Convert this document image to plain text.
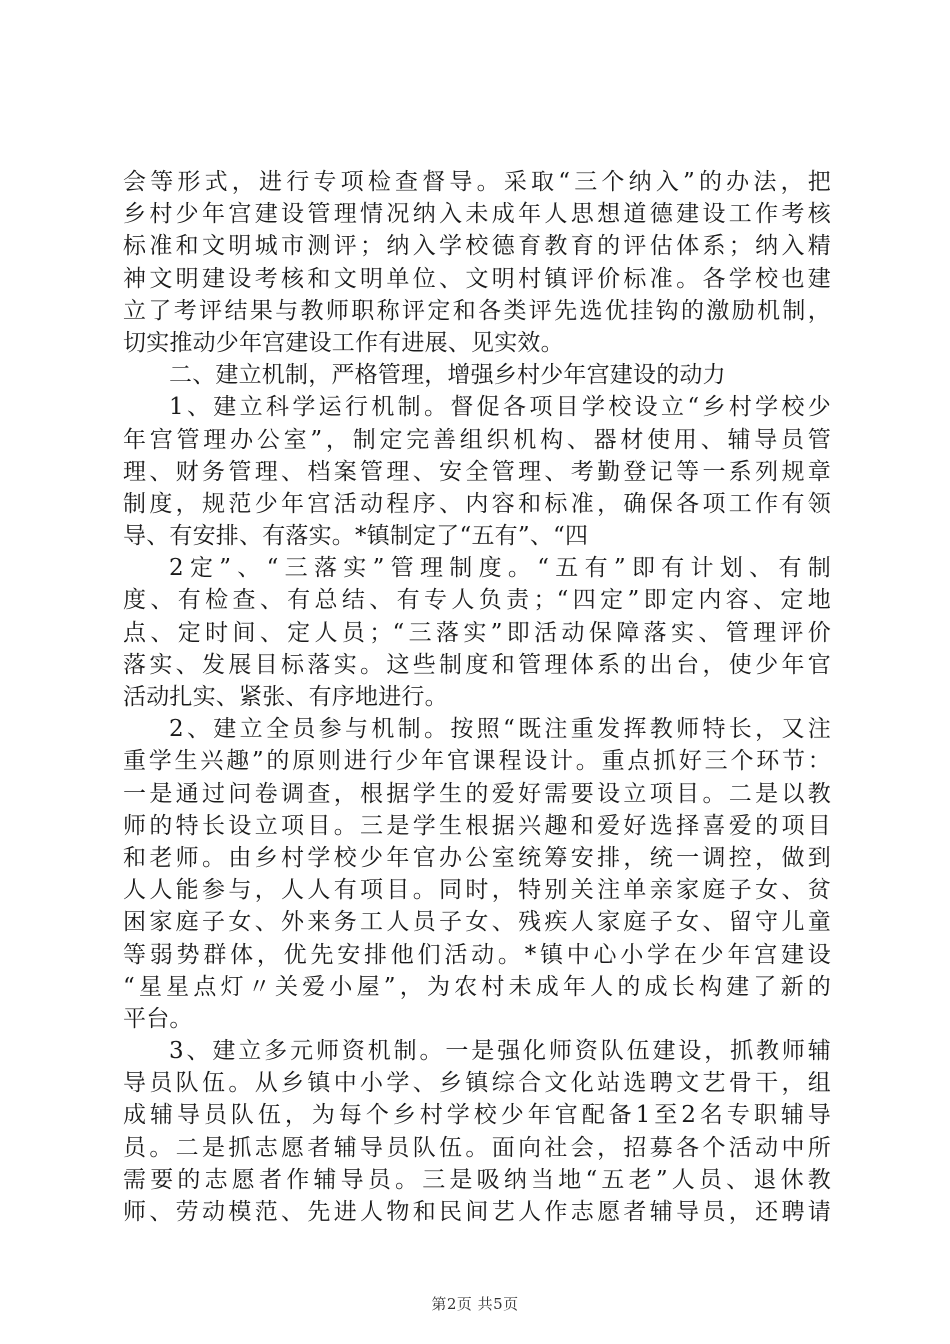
会等形式，进行专项检查督导。采取“三个纳入”的办法，把
乡村少年宫建设管理情况纳入未成年人思想道德建设工作考核
标准和文明城市测评；纳入学校德育教育的评估体系；纳入精
神文明建设考核和文明单位、文明村镇评价标准。各学校也建
立了考评结果与教师职称评定和各类评先选优挂钩的激励机制，
切实推动少年宫建设工作有进展、见实效。
二、建立机制，严格管理，增强乡村少年宫建设的动力
1、建立科学运行机制。督促各项目学校设立“乡村学校少
年宫管理办公室”，制定完善组织机构、器材使用、辅导员管
理、财务管理、档案管理、安全管理、考勤登记等一系列规章
制度，规范少年宫活动程序、内容和标准，确保各项工作有领
导、有安排、有落实。*镇制定了“五有”、“四
2定”、“三落实”管理制度。“五有”即有计划、有制
度、有检查、有总结、有专人负责；“四定”即定内容、定地
点、定时间、定人员；“三落实”即活动保障落实、管理评价
落实、发展目标落实。这些制度和管理体系的出台，使少年官
活动扎实、紧张、有序地进行。
2、建立全员参与机制。按照“既注重发挥教师特长，又注
重学生兴趣”的原则进行少年官课程设计。重点抓好三个环节：
一是通过问卷调查，根据学生的爱好需要设立项目。二是以教
师的特长设立项目。三是学生根据兴趣和爱好选择喜爱的项目
和老师。由乡村学校少年官办公室统筹安排，统一调控，做到
人人能参与，人人有项目。同时，特别关注单亲家庭子女、贫
困家庭子女、外来务工人员子女、残疾人家庭子女、留守儿童
等弱势群体，优先安排他们活动。*镇中心小学在少年宫建设
“星星点灯〃关爱小屋”，为农村未成年人的成长构建了新的
平台。
3、建立多元师资机制。一是强化师资队伍建设，抓教师辅
导员队伍。从乡镇中小学、乡镇综合文化站选聘文艺骨干，组
成辅导员队伍，为每个乡村学校少年官配备1至2名专职辅导
员。二是抓志愿者辅导员队伍。面向社会，招募各个活动中所
需要的志愿者作辅导员。三是吸纳当地“五老”人员、退休教
师、劳动模范、先进人物和民间艺人作志愿者辅导员，还聘请
第2页 共5页
